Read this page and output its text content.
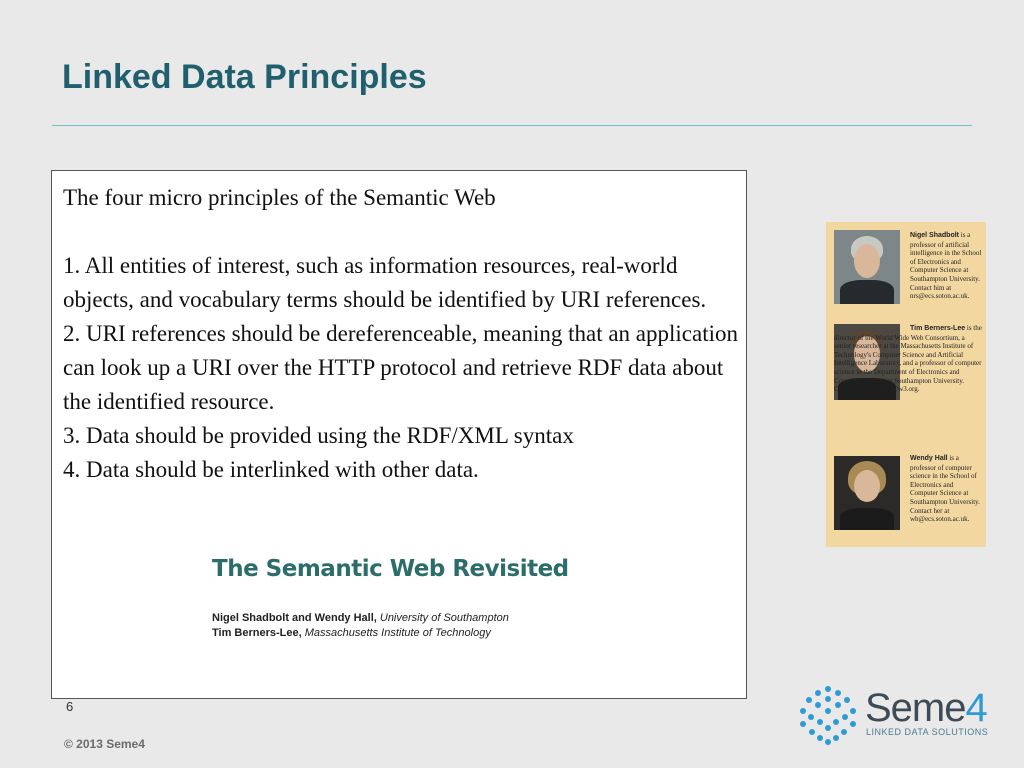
Linked Data Principles

The four micro principles of the Semantic Web

1. All entities of interest, such as information resources, real-world objects, and vocabulary terms should be identified by URI references.

2. URI references should be dereferenceable, meaning that an application can look up a URI over the HTTP protocol and retrieve RDF data about the identified resource.

3. Data should be provided using the RDF/XML syntax

4. Data should be interlinked with other data.

The Semantic Web Revisited
Nigel Shadbolt and Wendy Hall, University of Southampton
Tim Berners-Lee, Massachusetts Institute of Technology
Nigel Shadbolt is a professor of artificial intelligence in the School of Electronics and Computer Science at Southampton University. Contact him at nrs@ecs.soton.ac.uk.
Tim Berners-Lee is the director of the World Wide Web Consortium, a senior researcher at the Massachusetts Institute of Technology's Computer Science and Artificial Intelligence Laboratory, and a professor of computer science in the Department of Electronics and Computer Science at Southampton University. Contact him at timbl@w3.org.
Wendy Hall is a professor of computer science in the School of Electronics and Computer Science at Southampton University. Contact her at wh@ecs.soton.ac.uk.
6
© 2013 Seme4
Seme4
LINKED DATA SOLUTIONS
